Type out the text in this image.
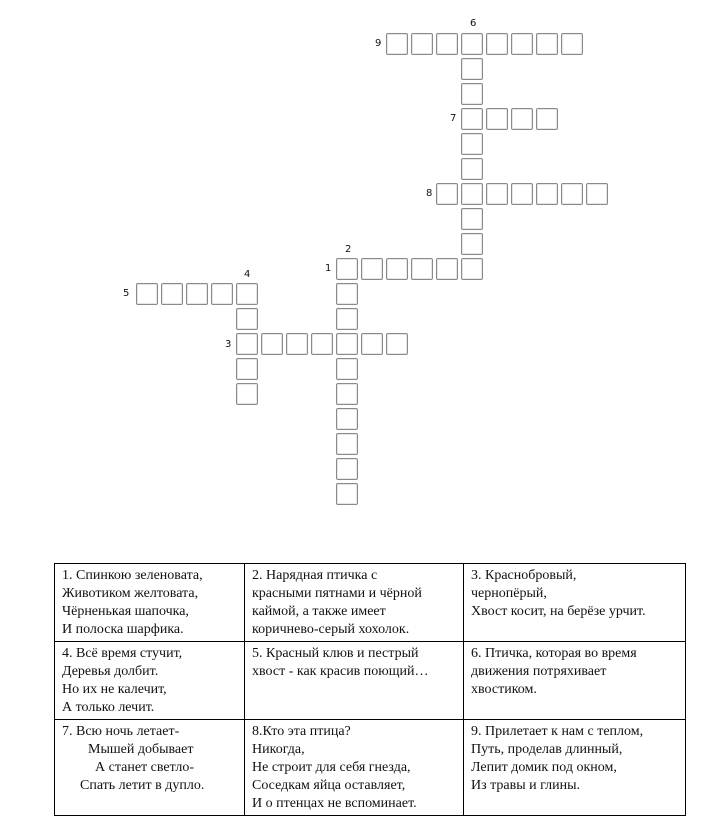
6
9
7
8
2
1
4
5
3
1. Спинкою зеленовата,
Животиком желтовата,
Чёрненькая шапочка,
И полоска шарфика.	2. Нарядная птичка с
красными пятнами и чёрной
каймой, а также имеет
коричнево-серый хохолок.	3. Краснобровый,
чернопёрый,
Хвост косит, на берёзе урчит.

4. Всё время стучит,
Деревья долбит.
Но их не калечит,
А только лечит.	5. Красный клюв и пестрый
хвост - как красив поющий…	6. Птичка, которая во время
движения потряхивает
хвостиком.

7. Всю ночь летает-
Мышей добывает
А станет светло-
Спать летит в дупло.	8.Кто эта птица?
Никогда,
Не строит для себя гнезда,
Соседкам яйца оставляет,
И о птенцах не вспоминает.	9. Прилетает к нам с теплом,
Путь, проделав длинный,
Лепит домик под окном,
Из травы и глины.
